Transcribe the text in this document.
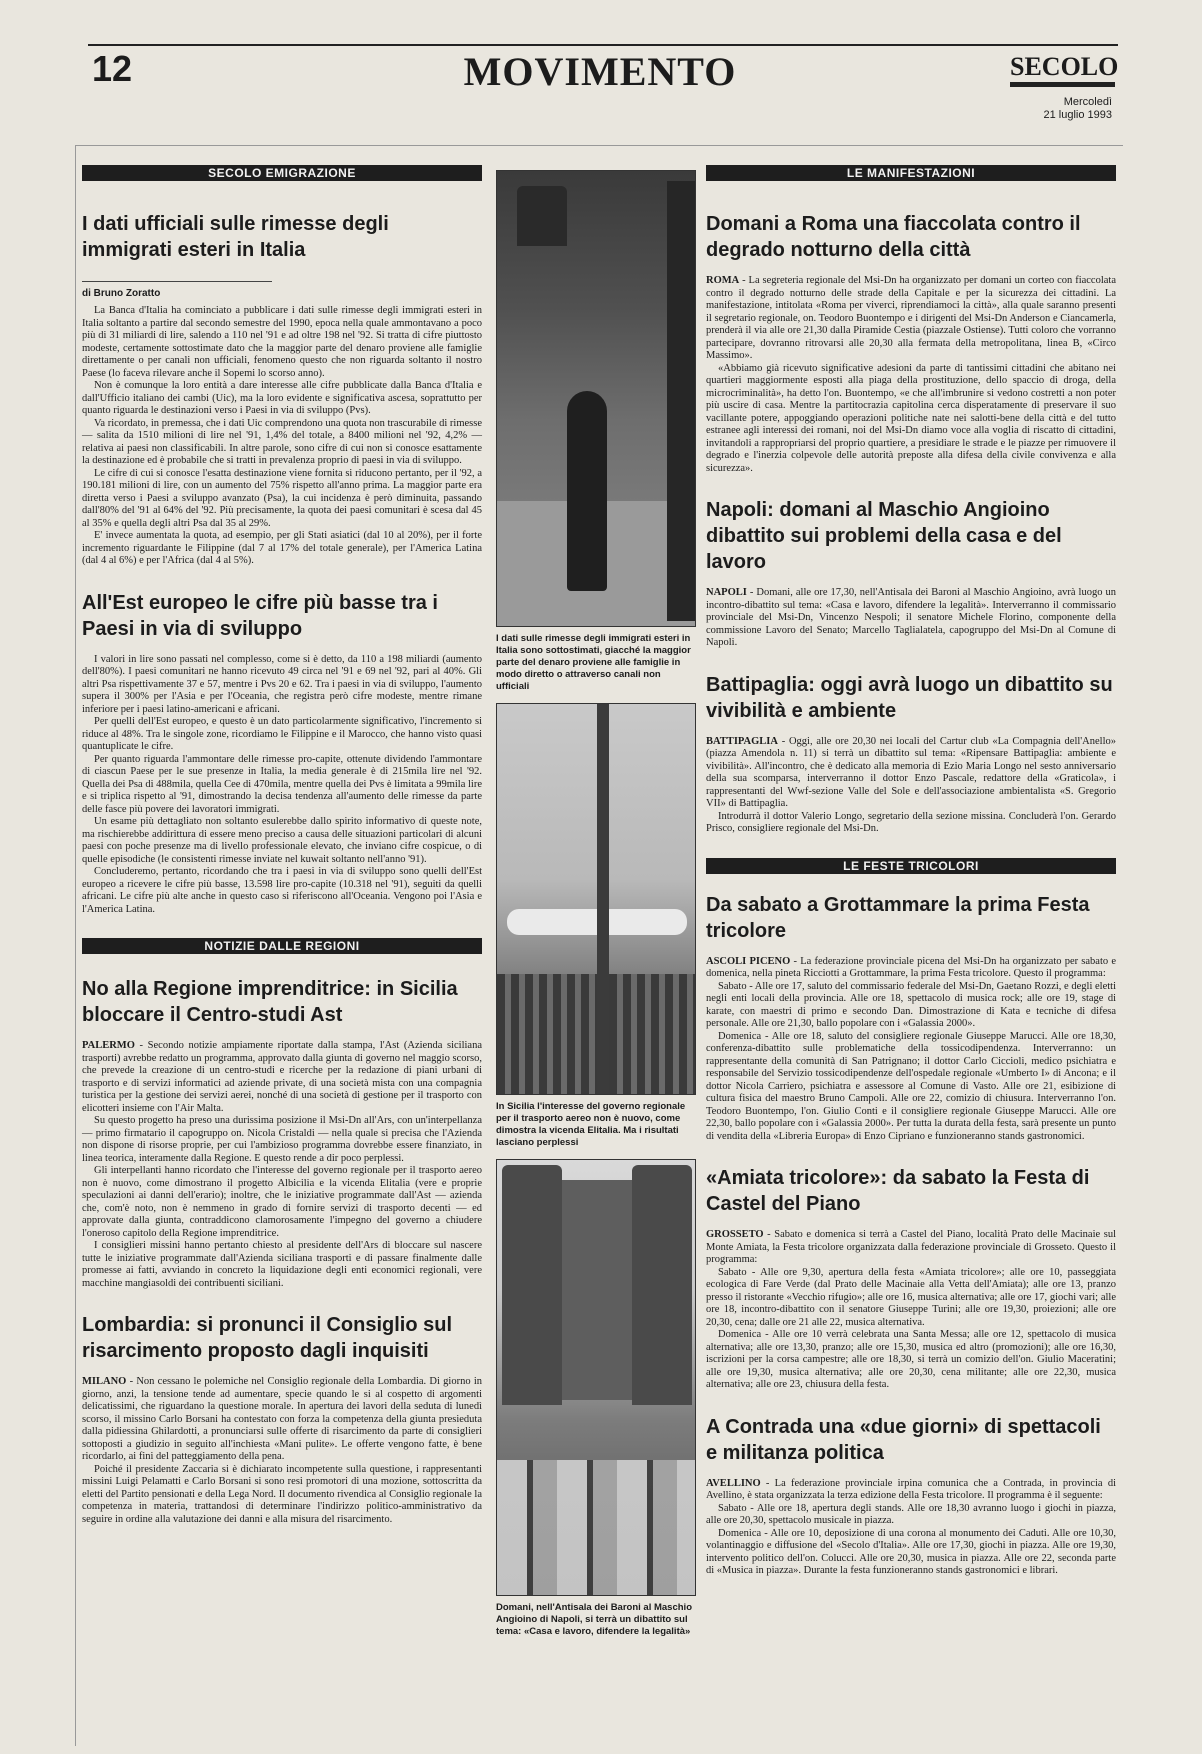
12	MOVIMENTO	SECOLO
Mercoledì
21 luglio 1993
SECOLO EMIGRAZIONE
I dati ufficiali sulle rimesse degli immigrati esteri in Italia
di Bruno Zoratto

La Banca d'Italia ha cominciato a pubblicare i dati sulle rimesse degli immigrati esteri in Italia soltanto a partire dal secondo semestre del 1990, epoca nella quale ammontavano a poco più di 31 miliardi di lire, salendo a 110 nel '91 e ad oltre 198 nel '92. Si tratta di cifre piuttosto modeste, certamente sottostimate dato che la maggior parte del denaro proviene alle famiglie direttamente o per canali non ufficiali, fenomeno questo che non riguarda soltanto il nostro Paese (lo faceva rilevare anche il Sopemi lo scorso anno).

Non è comunque la loro entità a dare interesse alle cifre pubblicate dalla Banca d'Italia e dall'Ufficio italiano dei cambi (Uic), ma la loro evidente e significativa ascesa, soprattutto per quanto riguarda le destinazioni verso i Paesi in via di sviluppo (Pvs).

Va ricordato, in premessa, che i dati Uic comprendono una quota non trascurabile di rimesse — salita da 1510 milioni di lire nel '91, 1,4% del totale, a 8400 milioni nel '92, 4,2% — relativa ai paesi non classificabili. In altre parole, sono cifre di cui non si conosce esattamente la destinazione ed è probabile che si tratti in prevalenza proprio di paesi in via di sviluppo.

Le cifre di cui si conosce l'esatta destinazione viene fornita si riducono pertanto, per il '92, a 190.181 milioni di lire, con un aumento del 75% rispetto all'anno prima. La maggior parte era diretta verso i Paesi a sviluppo avanzato (Psa), la cui incidenza è però diminuita, passando dall'80% del '91 al 64% del '92. Più precisamente, la quota dei paesi comunitari è scesa dal 45 al 35% e quella degli altri Psa dal 35 al 29%.

E' invece aumentata la quota, ad esempio, per gli Stati asiatici (dal 10 al 20%), per il forte incremento riguardante le Filippine (dal 7 al 17% del totale generale), per l'America Latina (dal 4 al 6%) e per l'Africa (dal 4 al 5%).

All'Est europeo le cifre più basse tra i Paesi in via di sviluppo

I valori in lire sono passati nel complesso, come si è detto, da 110 a 198 miliardi (aumento dell'80%). I paesi comunitari ne hanno ricevuto 49 circa nel '91 e 69 nel '92, pari al 40%. Gli altri Psa rispettivamente 37 e 57, mentre i Pvs 20 e 62. Tra i paesi in via di sviluppo, l'aumento supera il 300% per l'Asia e per l'Oceania, che registra però cifre modeste, mentre rimane inferiore per i paesi latino-americani e africani.

Per quelli dell'Est europeo, e questo è un dato particolarmente significativo, l'incremento si riduce al 48%. Tra le singole zone, ricordiamo le Filippine e il Marocco, che hanno visto quasi quantuplicate le cifre.

Per quanto riguarda l'ammontare delle rimesse pro-capite, ottenute dividendo l'ammontare di ciascun Paese per le sue presenze in Italia, la media generale è di 215mila lire nel '92. Quella dei Psa di 488mila, quella Cee di 470mila, mentre quella dei Pvs è limitata a 99mila lire e si triplica rispetto al '91, dimostrando la decisa tendenza all'aumento delle rimesse da parte delle fasce più povere dei lavoratori immigrati.

Un esame più dettagliato non soltanto esulerebbe dallo spirito informativo di queste note, ma rischierebbe addirittura di essere meno preciso a causa delle situazioni particolari di alcuni paesi con poche presenze ma di livello professionale elevato, che inviano cifre cospicue, o di quelle episodiche (le consistenti rimesse inviate nel kuwait soltanto nell'anno '91).

Concluderemo, pertanto, ricordando che tra i paesi in via di sviluppo sono quelli dell'Est europeo a ricevere le cifre più basse, 13.598 lire pro-capite (10.318 nel '91), seguiti da quelli africani. Le cifre più alte anche in questo caso si riferiscono all'Oceania. Vengono poi l'Asia e l'America Latina.

NOTIZIE DALLE REGIONI
No alla Regione imprenditrice: in Sicilia bloccare il Centro-studi Ast

PALERMO - Secondo notizie ampiamente riportate dalla stampa, l'Ast (Azienda siciliana trasporti) avrebbe redatto un programma, approvato dalla giunta di governo nel maggio scorso, che prevede la creazione di un centro-studi e ricerche per la redazione di piani urbani di trasporto e di servizi informatici ad aziende private, di una società mista con una compagnia turistica per la gestione dei servizi aerei, nonché di una società di gestione per il trasporto con elicotteri insieme con l'Air Malta.

Su questo progetto ha preso una durissima posizione il Msi-Dn all'Ars, con un'interpellanza — primo firmatario il capogruppo on. Nicola Cristaldi — nella quale si precisa che l'Azienda non dispone di risorse proprie, per cui l'ambizioso programma dovrebbe essere finanziato, in linea teorica, interamente dalla Regione. E questo rende a dir poco perplessi.

Gli interpellanti hanno ricordato che l'interesse del governo regionale per il trasporto aereo non è nuovo, come dimostrano il progetto Albicilia e la vicenda Elitalia (vere e proprie speculazioni ai danni dell'erario); inoltre, che le iniziative programmate dall'Ast — azienda che, com'è noto, non è nemmeno in grado di fornire servizi di trasporto decenti — ed approvate dalla giunta, contraddicono clamorosamente l'impegno del governo a chiudere l'oneroso capitolo della Regione imprenditrice.

I consiglieri missini hanno pertanto chiesto al presidente dell'Ars di bloccare sul nascere tutte le iniziative programmate dall'Azienda siciliana trasporti e di passare finalmente dalle promesse ai fatti, avviando in concreto la liquidazione degli enti economici regionali, vere macchine mangiasoldi dei contribuenti siciliani.

Lombardia: si pronunci il Consiglio sul risarcimento proposto dagli inquisiti

MILANO - Non cessano le polemiche nel Consiglio regionale della Lombardia. Di giorno in giorno, anzi, la tensione tende ad aumentare, specie quando le si al cospetto di argomenti delicatissimi, che riguardano la questione morale. In apertura dei lavori della seduta di lunedì scorso, il missino Carlo Borsani ha contestato con forza la competenza della giunta presieduta dalla pidiessina Ghilardotti, a pronunciarsi sulle offerte di risarcimento da parte di consiglieri sottoposti a giudizio in seguito all'inchiesta «Mani pulite». Le offerte vengono fatte, è bene ricordarlo, ai fini del patteggiamento della pena.

Poiché il presidente Zaccaria si è dichiarato incompetente sulla questione, i rappresentanti missini Luigi Pelamatti e Carlo Borsani si sono resi promotori di una mozione, sottoscritta da eletti del Partito pensionati e della Lega Nord. Il documento rivendica al Consiglio regionale la competenza in materia, trattandosi di determinare l'indirizzo politico-amministrativo da seguire in ordine alla valutazione dei danni e alla misura del risarcimento.

I dati sulle rimesse degli immigrati esteri in Italia sono sottostimati, giacché la maggior parte del denaro proviene alle famiglie in modo diretto o attraverso canali non ufficiali
In Sicilia l'interesse del governo regionale per il trasporto aereo non è nuovo, come dimostra la vicenda Elitalia. Ma i risultati lasciano perplessi
Domani, nell'Antisala dei Baroni al Maschio Angioino di Napoli, si terrà un dibattito sul tema: «Casa e lavoro, difendere la legalità»
LE MANIFESTAZIONI
Domani a Roma una fiaccolata contro il degrado notturno della città

ROMA - La segreteria regionale del Msi-Dn ha organizzato per domani un corteo con fiaccolata contro il degrado notturno delle strade della Capitale e per la sicurezza dei cittadini. La manifestazione, intitolata «Roma per viverci, riprendiamoci la città», alla quale saranno presenti il segretario regionale, on. Teodoro Buontempo e i dirigenti del Msi-Dn Anderson e Ciancamerla, prenderà il via alle ore 21,30 dalla Piramide Cestia (piazzale Ostiense). Tutti coloro che vorranno partecipare, dovranno ritrovarsi alle 20,30 alla fermata della metropolitana, linea B, «Circo Massimo».

«Abbiamo già ricevuto significative adesioni da parte di tantissimi cittadini che abitano nei quartieri maggiormente esposti alla piaga della prostituzione, dello spaccio di droga, della microcriminalità», ha detto l'on. Buontempo, «e che all'imbrunire si vedono costretti a non poter più uscire di casa. Mentre la partitocrazia capitolina cerca disperatamente di preservare il suo vacillante potere, appoggiando operazioni politiche nate nei salotti-bene della città e del tutto estranee agli interessi dei romani, noi del Msi-Dn diamo voce alla voglia di riscatto di cittadini, invitandoli a rappropriarsi del proprio quartiere, a presidiare le strade e le piazze per rimuovere il degrado e l'inerzia colpevole delle autorità preposte alla difesa della civile convivenza e alla sicurezza».

Napoli: domani al Maschio Angioino dibattito sui problemi della casa e del lavoro

NAPOLI - Domani, alle ore 17,30, nell'Antisala dei Baroni al Maschio Angioino, avrà luogo un incontro-dibattito sul tema: «Casa e lavoro, difendere la legalità». Interverranno il commissario provinciale del Msi-Dn, Vincenzo Nespoli; il senatore Michele Florino, componente della commissione Lavoro del Senato; Marcello Taglialatela, capogruppo del Msi-Dn al Comune di Napoli.

Battipaglia: oggi avrà luogo un dibattito su vivibilità e ambiente

BATTIPAGLIA - Oggi, alle ore 20,30 nei locali del Cartur club «La Compagnia dell'Anello» (piazza Amendola n. 11) si terrà un dibattito sul tema: «Ripensare Battipaglia: ambiente e vivibilità». All'incontro, che è dedicato alla memoria di Ezio Maria Longo nel sesto anniversario della sua scomparsa, interverranno il dottor Enzo Pascale, redattore della «Graticola», i rappresentanti del Wwf-sezione Valle del Sole e dell'associazione ambientalista «S. Gregorio VII» di Battipaglia.

Introdurrà il dottor Valerio Longo, segretario della sezione missina. Concluderà l'on. Gerardo Prisco, consigliere regionale del Msi-Dn.

LE FESTE TRICOLORI
Da sabato a Grottammare la prima Festa tricolore

ASCOLI PICENO - La federazione provinciale picena del Msi-Dn ha organizzato per sabato e domenica, nella pineta Ricciotti a Grottammare, la prima Festa tricolore. Questo il programma:

Sabato - Alle ore 17, saluto del commissario federale del Msi-Dn, Gaetano Rozzi, e degli eletti negli enti locali della provincia. Alle ore 18, spettacolo di musica rock; alle ore 19, stage di karate, con maestri di primo e secondo Dan. Dimostrazione di Kata e tecniche di difesa personale. Alle ore 21,30, ballo popolare con i «Galassia 2000».

Domenica - Alle ore 18, saluto del consigliere regionale Giuseppe Marucci. Alle ore 18,30, conferenza-dibattito sulle problematiche della tossicodipendenza. Interverranno: un rappresentante della comunità di San Patrignano; il dottor Carlo Ciccioli, medico psichiatra e responsabile del Servizio tossicodipendenze dell'ospedale regionale «Umberto I» di Ancona; e il dottor Nicola Carriero, psichiatra e assessore al Comune di Vasto. Alle ore 21, esibizione di cultura fisica del maestro Bruno Campoli. Alle ore 22, comizio di chiusura. Interverranno l'on. Teodoro Buontempo, l'on. Giulio Conti e il consigliere regionale Giuseppe Marucci. Alle ore 22,30, ballo popolare con i «Galassia 2000». Per tutta la durata della festa, sarà presente un punto di vendita della «Libreria Europa» di Enzo Cipriano e funzioneranno stands gastronomici.

«Amiata tricolore»: da sabato la Festa di Castel del Piano

GROSSETO - Sabato e domenica si terrà a Castel del Piano, località Prato delle Macinaie sul Monte Amiata, la Festa tricolore organizzata dalla federazione provinciale di Grosseto. Questo il programma:

Sabato - Alle ore 9,30, apertura della festa «Amiata tricolore»; alle ore 10, passeggiata ecologica di Fare Verde (dal Prato delle Macinaie alla Vetta dell'Amiata); alle ore 13, pranzo presso il ristorante «Vecchio rifugio»; alle ore 16, musica alternativa; alle ore 17, giochi vari; alle ore 18, incontro-dibattito con il senatore Giuseppe Turini; alle ore 19,30, proiezioni; alle ore 20,30, cena; dalle ore 21 alle 22, musica alternativa.

Domenica - Alle ore 10 verrà celebrata una Santa Messa; alle ore 12, spettacolo di musica alternativa; alle ore 13,30, pranzo; alle ore 15,30, musica ed altro (promozioni); alle ore 16,30, iscrizioni per la corsa campestre; alle ore 18,30, si terrà un comizio dell'on. Giulio Maceratini; alle ore 19,30, musica alternativa; alle ore 20,30, cena militante; alle ore 22,30, musica alternativa; alle ore 23, chiusura della festa.

A Contrada una «due giorni» di spettacoli e militanza politica

AVELLINO - La federazione provinciale irpina comunica che a Contrada, in provincia di Avellino, è stata organizzata la terza edizione della Festa tricolore. Il programma è il seguente:

Sabato - Alle ore 18, apertura degli stands. Alle ore 18,30 avranno luogo i giochi in piazza, alle ore 20,30, spettacolo musicale in piazza.

Domenica - Alle ore 10, deposizione di una corona al monumento dei Caduti. Alle ore 10,30, volantinaggio e diffusione del «Secolo d'Italia». Alle ore 17,30, giochi in piazza. Alle ore 19,30, intervento politico dell'on. Colucci. Alle ore 20,30, musica in piazza. Alle ore 22, seconda parte di «Musica in piazza». Durante la festa funzioneranno stands gastronomici e librari.
